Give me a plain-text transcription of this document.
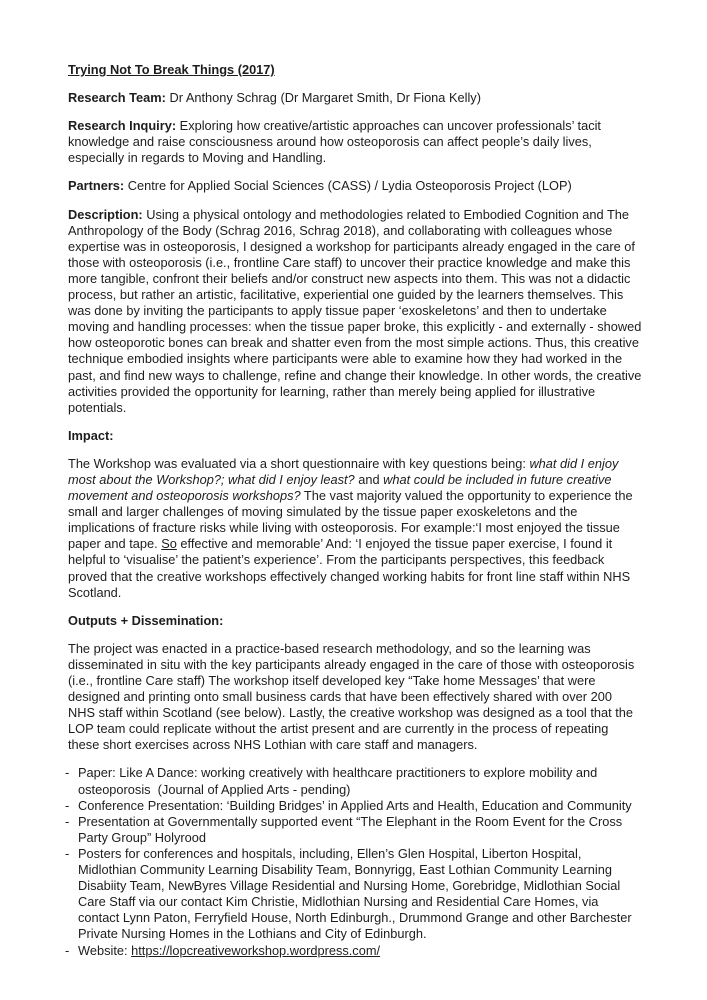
Trying Not To Break Things (2017)

Research Team: Dr Anthony Schrag (Dr Margaret Smith, Dr Fiona Kelly)

Research Inquiry: Exploring how creative/artistic approaches can uncover professionals’ tacit knowledge and raise consciousness around how osteoporosis can affect people’s daily lives, especially in regards to Moving and Handling.

Partners: Centre for Applied Social Sciences (CASS) / Lydia Osteoporosis Project (LOP)

Description: Using a physical ontology and methodologies related to Embodied Cognition and The Anthropology of the Body (Schrag 2016, Schrag 2018), and collaborating with colleagues whose expertise was in osteoporosis, I designed a workshop for participants already engaged in the care of those with osteoporosis (i.e., frontline Care staff) to uncover their practice knowledge and make this more tangible, confront their beliefs and/or construct new aspects into them. This was not a didactic process, but rather an artistic, facilitative, experiential one guided by the learners themselves. This was done by inviting the participants to apply tissue paper ‘exoskeletons’ and then to undertake moving and handling processes: when the tissue paper broke, this explicitly - and externally - showed how osteoporotic bones can break and shatter even from the most simple actions. Thus, this creative technique embodied insights where participants were able to examine how they had worked in the past, and find new ways to challenge, refine and change their knowledge. In other words, the creative activities provided the opportunity for learning, rather than merely being applied for illustrative potentials.

Impact:

The Workshop was evaluated via a short questionnaire with key questions being: what did I enjoy most about the Workshop?; what did I enjoy least? and what could be included in future creative movement and osteoporosis workshops? The vast majority valued the opportunity to experience the small and larger challenges of moving simulated by the tissue paper exoskeletons and the implications of fracture risks while living with osteoporosis. For example:‘I most enjoyed the tissue paper and tape. So effective and memorable’ And: ‘I enjoyed the tissue paper exercise, I found it helpful to ‘visualise’ the patient’s experience’. From the participants perspectives, this feedback proved that the creative workshops effectively changed working habits for front line staff within NHS Scotland.

Outputs + Dissemination:

The project was enacted in a practice-based research methodology, and so the learning was disseminated in situ with the key participants already engaged in the care of those with osteoporosis (i.e., frontline Care staff) The workshop itself developed key “Take home Messages’ that were designed and printing onto small business cards that have been effectively shared with over 200 NHS staff within Scotland (see below). Lastly, the creative workshop was designed as a tool that the LOP team could replicate without the artist present and are currently in the process of repeating these short exercises across NHS Lothian with care staff and managers.

- Paper: Like A Dance: working creatively with healthcare practitioners to explore mobility and osteoporosis  (Journal of Applied Arts - pending)
- Conference Presentation: ‘Building Bridges’ in Applied Arts and Health, Education and Community
- Presentation at Governmentally supported event “The Elephant in the Room Event for the Cross Party Group” Holyrood
- Posters for conferences and hospitals, including, Ellen’s Glen Hospital, Liberton Hospital, Midlothian Community Learning Disability Team, Bonnyrigg, East Lothian Community Learning Disabiity Team, NewByres Village Residential and Nursing Home, Gorebridge, Midlothian Social Care Staff via our contact Kim Christie, Midlothian Nursing and Residential Care Homes, via contact Lynn Paton, Ferryfield House, North Edinburgh., Drummond Grange and other Barchester Private Nursing Homes in the Lothians and City of Edinburgh.
- Website: https://lopcreativeworkshop.wordpress.com/
